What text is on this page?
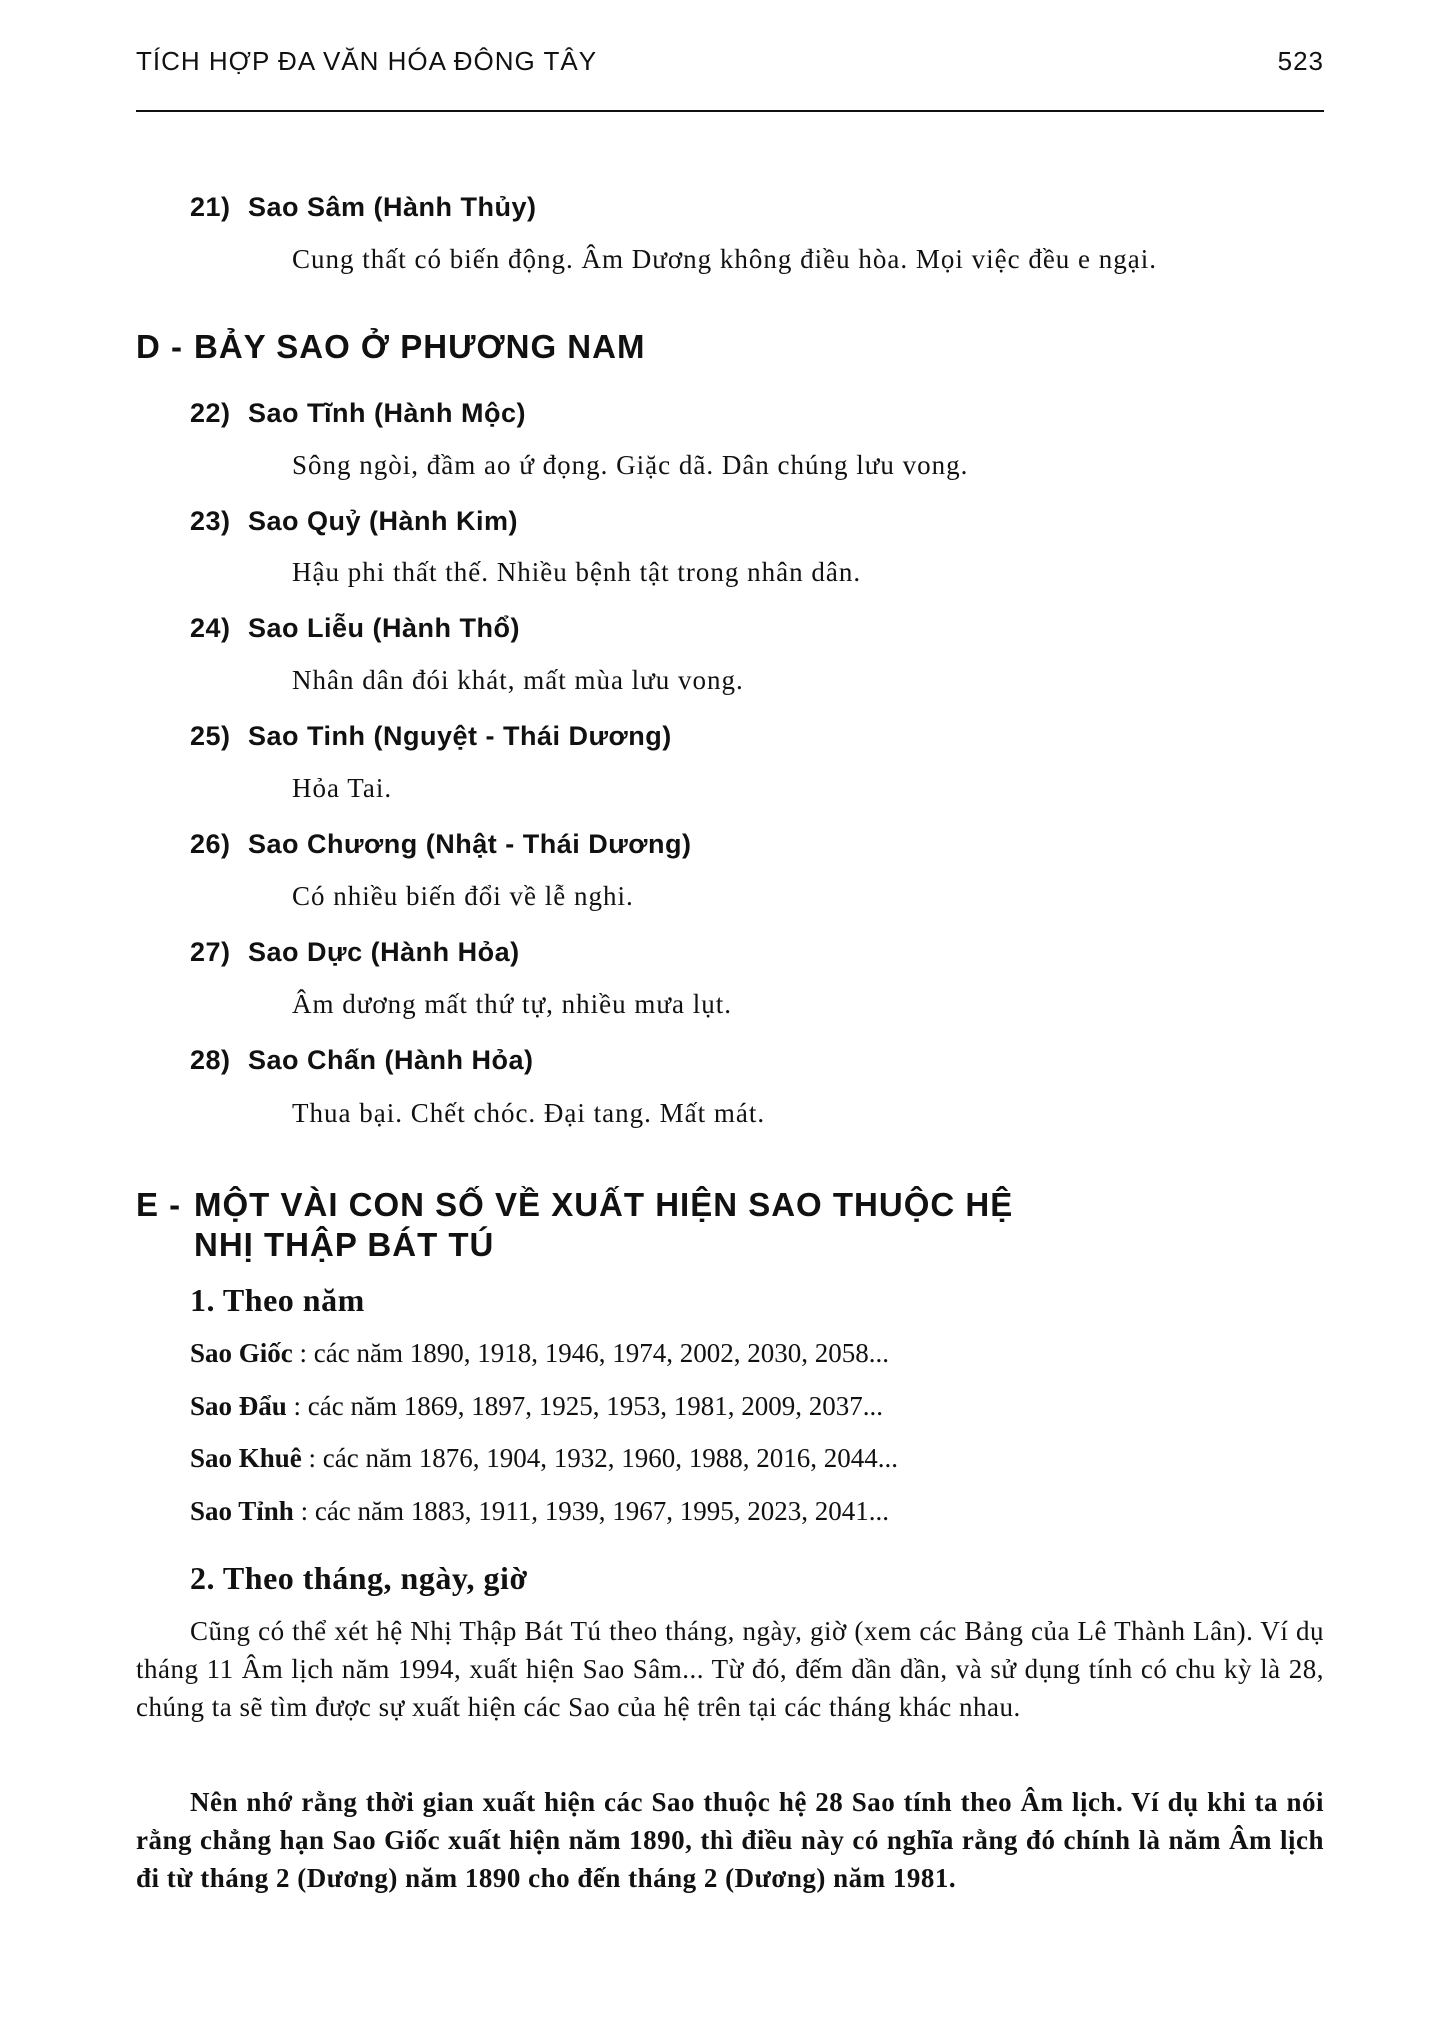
TÍCH HỢP ĐA VĂN HÓA ĐÔNG TÂY	523
21) Sao Sâm (Hành Thủy)
Cung thất có biến động. Âm Dương không điều hòa. Mọi việc đều e ngại.
D - BẢY SAO Ở PHƯƠNG NAM
22) Sao Tĩnh (Hành Mộc)
Sông ngòi, đầm ao ứ đọng. Giặc dã. Dân chúng lưu vong.
23) Sao Quỷ (Hành Kim)
Hậu phi thất thế. Nhiều bệnh tật trong nhân dân.
24) Sao Liễu (Hành Thổ)
Nhân dân đói khát, mất mùa lưu vong.
25) Sao Tinh (Nguyệt - Thái Dương)
Hỏa Tai.
26) Sao Chương (Nhật - Thái Dương)
Có nhiều biến đổi về lễ nghi.
27) Sao Dực (Hành Hỏa)
Âm dương mất thứ tự, nhiều mưa lụt.
28) Sao Chấn (Hành Hỏa)
Thua bại. Chết chóc. Đại tang. Mất mát.
E - MỘT VÀI CON SỐ VỀ XUẤT HIỆN SAO THUỘC HỆ
NHỊ THẬP BÁT TÚ
1. Theo năm
Sao Giốc : các năm 1890, 1918, 1946, 1974, 2002, 2030, 2058...
Sao Đẩu : các năm 1869, 1897, 1925, 1953, 1981, 2009, 2037...
Sao Khuê : các năm 1876, 1904, 1932, 1960, 1988, 2016, 2044...
Sao Tỉnh : các năm 1883, 1911, 1939, 1967, 1995, 2023, 2041...
2. Theo tháng, ngày, giờ
Cũng có thể xét hệ Nhị Thập Bát Tú theo tháng, ngày, giờ (xem các Bảng của Lê Thành Lân). Ví dụ tháng 11 Âm lịch năm 1994, xuất hiện Sao Sâm... Từ đó, đếm dần dần, và sử dụng tính có chu kỳ là 28, chúng ta sẽ tìm được sự xuất hiện các Sao của hệ trên tại các tháng khác nhau.
Nên nhớ rằng thời gian xuất hiện các Sao thuộc hệ 28 Sao tính theo Âm lịch. Ví dụ khi ta nói rằng chẳng hạn Sao Giốc xuất hiện năm 1890, thì điều này có nghĩa rằng đó chính là năm Âm lịch đi từ tháng 2 (Dương) năm 1890 cho đến tháng 2 (Dương) năm 1981.
